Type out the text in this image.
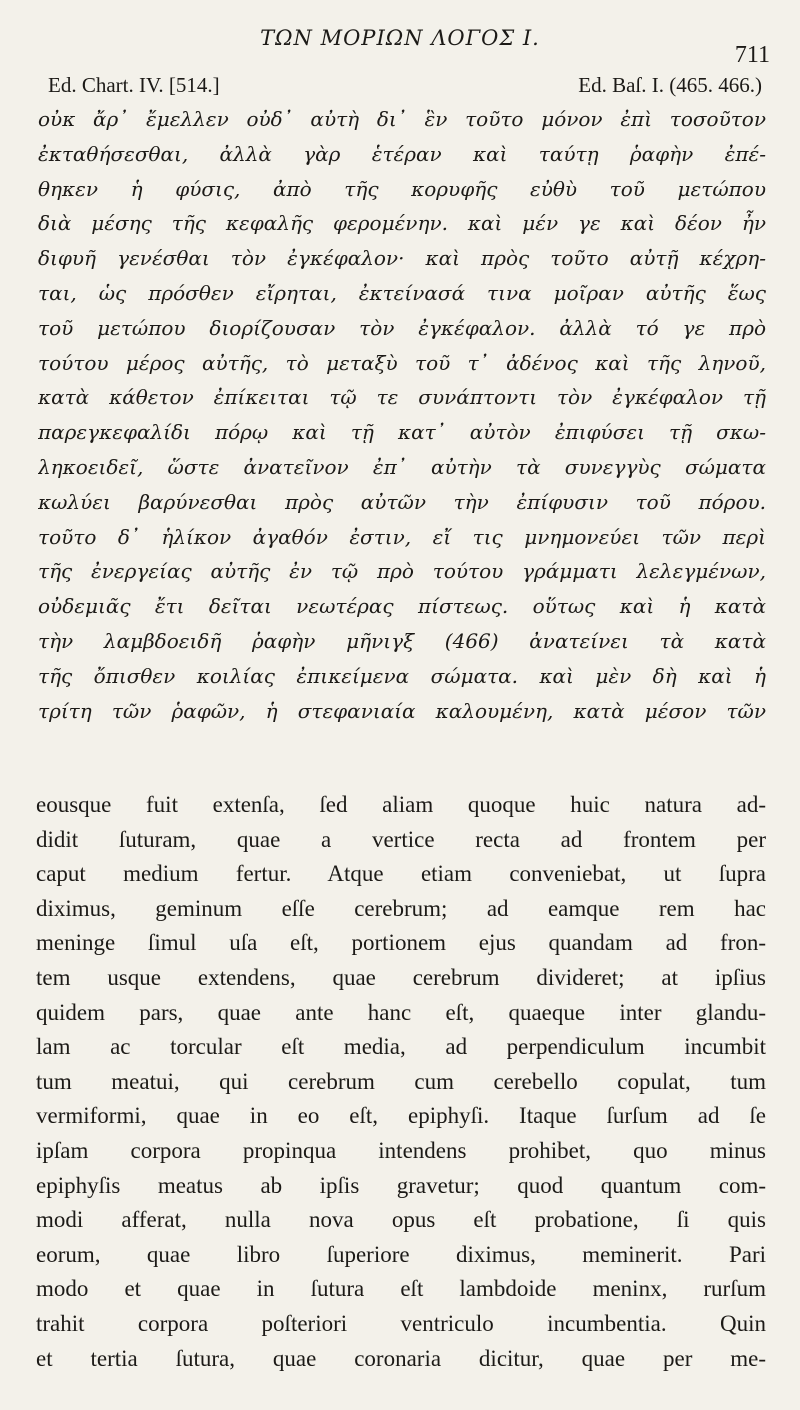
ΤΩΝ ΜΟΡΙΩΝ ΛΟΓΟΣ Ι.
711
Ed. Chart. IV. [514.]	Ed. Baſ. I. (465. 466.)
οὐκ ἄρ᾽ ἔμελλεν οὐδ᾽ αὐτὴ δι᾽ ἓν τοῦτο μόνον ἐπὶ τοσοῦτον
ἐκταθήσεσθαι, ἀλλὰ γὰρ ἑτέραν καὶ ταύτῃ ῥαφὴν ἐπέ-
θηκεν ἡ φύσις, ἀπὸ τῆς κορυφῆς εὐθὺ τοῦ μετώπου
διὰ μέσης τῆς κεφαλῆς φερομένην. καὶ μέν γε καὶ δέον ἦν
διφυῆ γενέσθαι τὸν ἐγκέφαλον· καὶ πρὸς τοῦτο αὐτῇ κέχρη-
ται, ὡς πρόσθεν εἴρηται, ἐκτείνασά τινα μοῖραν αὐτῆς ἕως
τοῦ μετώπου διορίζουσαν τὸν ἐγκέφαλον. ἀλλὰ τό γε πρὸ
τούτου μέρος αὐτῆς, τὸ μεταξὺ τοῦ τ᾽ ἀδένος καὶ τῆς ληνοῦ,
κατὰ κάθετον ἐπίκειται τῷ τε συνάπτοντι τὸν ἐγκέφαλον τῇ
παρεγκεφαλίδι πόρῳ καὶ τῇ κατ᾽ αὐτὸν ἐπιφύσει τῇ σκω-
ληκοειδεῖ, ὥστε ἀνατεῖνον ἐπ᾽ αὐτὴν τὰ συνεγγὺς σώματα
κωλύει βαρύνεσθαι πρὸς αὐτῶν τὴν ἐπίφυσιν τοῦ πόρου.
τοῦτο δ᾽ ἡλίκον ἀγαθόν ἐστιν, εἴ τις μνημονεύει τῶν περὶ
τῆς ἐνεργείας αὐτῆς ἐν τῷ πρὸ τούτου γράμματι λελεγμένων,
οὐδεμιᾶς ἔτι δεῖται νεωτέρας πίστεως. οὕτως καὶ ἡ κατὰ
τὴν λαμβδοειδῆ ῥαφὴν μῆνιγξ (466) ἀνατείνει τὰ κατὰ
τῆς ὄπισθεν κοιλίας ἐπικείμενα σώματα. καὶ μὲν δὴ καὶ ἡ
τρίτη τῶν ῥαφῶν, ἡ στεφανιαία καλουμένη, κατὰ μέσον τῶν
eousque fuit extenſa, ſed aliam quoque huic natura ad-
didit ſuturam, quae a vertice recta ad frontem per
caput medium fertur. Atque etiam conveniebat, ut ſupra
diximus, geminum eſſe cerebrum; ad eamque rem hac
meninge ſimul uſa eſt, portionem ejus quandam ad fron-
tem usque extendens, quae cerebrum divideret; at ipſius
quidem pars, quae ante hanc eſt, quaeque inter glandu-
lam ac torcular eſt media, ad perpendiculum incumbit
tum meatui, qui cerebrum cum cerebello copulat, tum
vermiformi, quae in eo eſt, epiphyſi. Itaque ſurſum ad ſe
ipſam corpora propinqua intendens prohibet, quo minus
epiphyſis meatus ab ipſis gravetur; quod quantum com-
modi afferat, nulla nova opus eſt probatione, ſi quis
eorum, quae libro ſuperiore diximus, meminerit. Pari
modo et quae in ſutura eſt lambdoide meninx, rurſum
trahit corpora poſteriori ventriculo incumbentia. Quin
et tertia ſutura, quae coronaria dicitur, quae per me-
